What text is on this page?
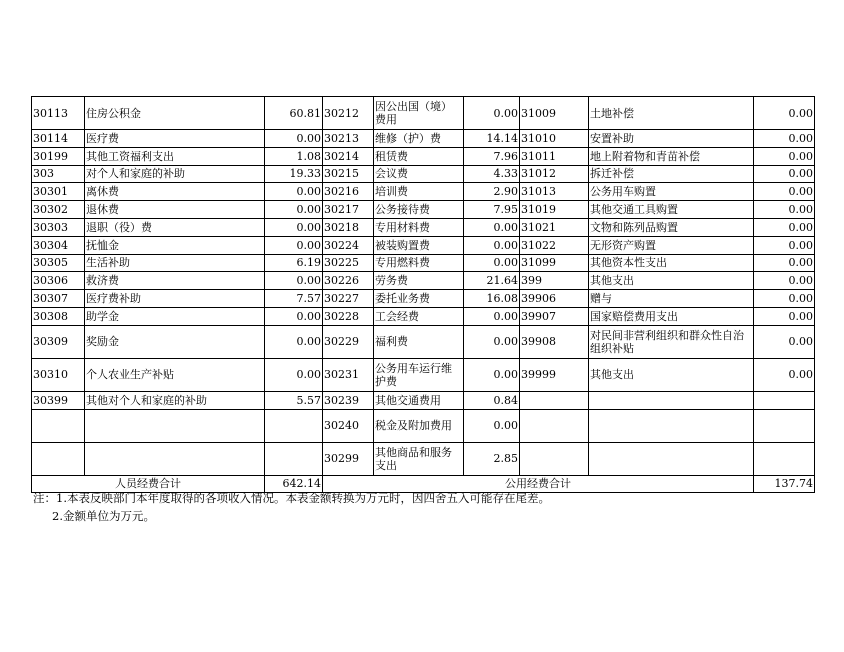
30113	住房公积金	60.81	30212	因公出国（境）费用	0.00	31009	土地补偿	0.00
30114	医疗费	0.00	30213	维修（护）费	14.14	31010	安置补助	0.00
30199	其他工资福利支出	1.08	30214	租赁费	7.96	31011	地上附着物和青苗补偿	0.00
303	对个人和家庭的补助	19.33	30215	会议费	4.33	31012	拆迁补偿	0.00
30301	离休费	0.00	30216	培训费	2.90	31013	公务用车购置	0.00
30302	退休费	0.00	30217	公务接待费	7.95	31019	其他交通工具购置	0.00
30303	退职（役）费	0.00	30218	专用材料费	0.00	31021	文物和陈列品购置	0.00
30304	抚恤金	0.00	30224	被装购置费	0.00	31022	无形资产购置	0.00
30305	生活补助	6.19	30225	专用燃料费	0.00	31099	其他资本性支出	0.00
30306	救济费	0.00	30226	劳务费	21.64	399	其他支出	0.00
30307	医疗费补助	7.57	30227	委托业务费	16.08	39906	赠与	0.00
30308	助学金	0.00	30228	工会经费	0.00	39907	国家赔偿费用支出	0.00
30309	奖励金	0.00	30229	福利费	0.00	39908	对民间非营利组织和群众性自治组织补贴	0.00
30310	个人农业生产补贴	0.00	30231	公务用车运行维护费	0.00	39999	其他支出	0.00
30399	其他对个人和家庭的补助	5.57	30239	其他交通费用	0.84			
			30240	税金及附加费用	0.00			
			30299	其他商品和服务支出	2.85			
人员经费合计		642.14	公用经费合计					137.74
注：1.本表反映部门本年度取得的各项收入情况。本表金额转换为万元时，因四舍五入可能存在尾差。
2.金额单位为万元。
